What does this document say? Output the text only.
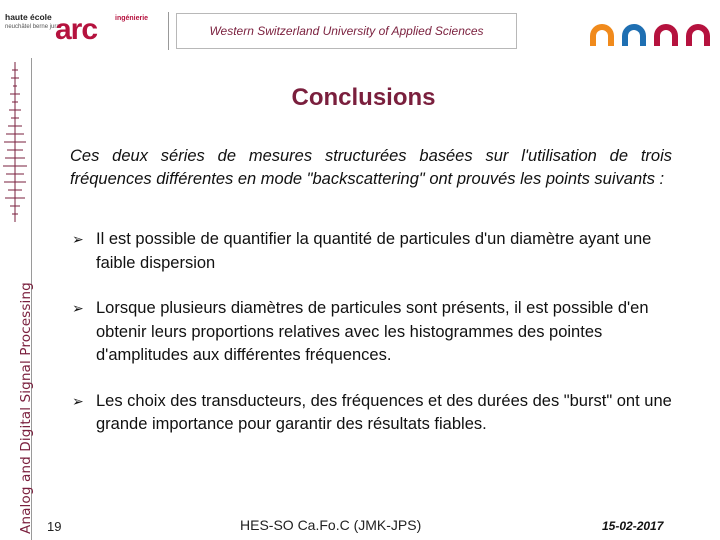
haute école
neuchâtel berne jura
arc	ingénierie
Western Switzerland University of Applied Sciences
Analog and Digital Signal Processing
Conclusions
Ces deux séries de mesures structurées basées sur l'utilisation de trois fréquences différentes en mode "backscattering" ont prouvés les points suivants :
➢ Il est possible de quantifier la quantité de particules d'un diamètre ayant une faible dispersion
➢ Lorsque plusieurs diamètres de particules sont présents, il est possible d'en obtenir leurs proportions relatives avec les histogrammes des pointes d'amplitudes aux différentes fréquences.
➢ Les choix des transducteurs, des fréquences et des durées des "burst" ont une grande importance pour garantir des résultats fiables.
19	HES-SO Ca.Fo.C (JMK-JPS)	15-02-2017
